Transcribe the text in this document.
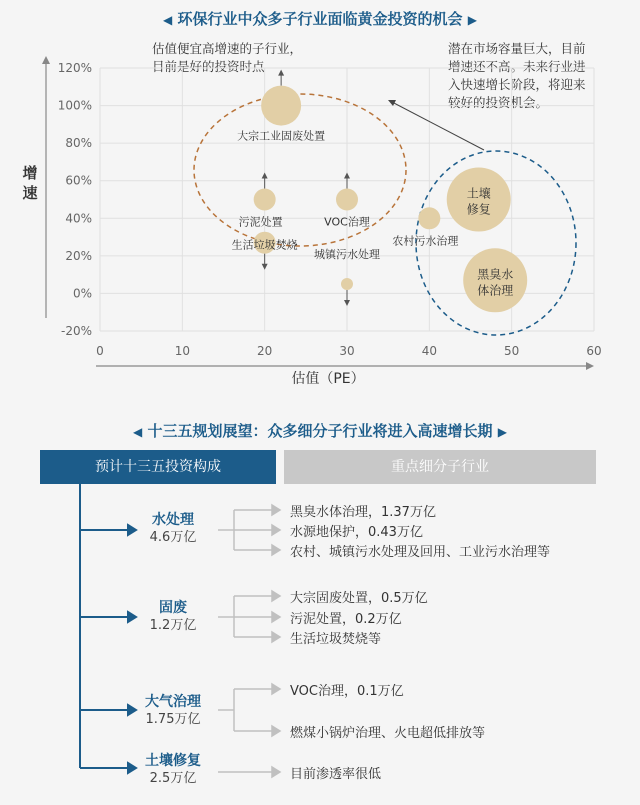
◀ 环保行业中众多子行业面临黄金投资的机会 ▶
估值便宜高增速的子行业，
目前是好的投资时点
潜在市场容量巨大，目前
增速还不高。未来行业进
入快速增长阶段，将迎来
较好的投资机会。
-20%
0%
20%
40%
60%
80%
100%
120%
0	10	20	30	40	50	60
估值（PE）
增
速
大宗工业固废处置
污泥处置	VOC治理
生活垃圾焚烧
城镇污水处理
农村污水治理
土壤
修复
黑臭水
体治理
◀ 十三五规划展望：众多细分子行业将进入高速增长期 ▶
预计十三五投资构成	重点细分子行业
水处理
4.6万亿
固废
1.2万亿
大气治理
1.75万亿
土壤修复
2.5万亿
黑臭水体治理，1.37万亿
水源地保护，0.43万亿
农村、城镇污水处理及回用、工业污水治理等
大宗固废处置，0.5万亿
污泥处置，0.2万亿
生活垃圾焚烧等
VOC治理，0.1万亿
燃煤小锅炉治理、火电超低排放等
目前渗透率很低
